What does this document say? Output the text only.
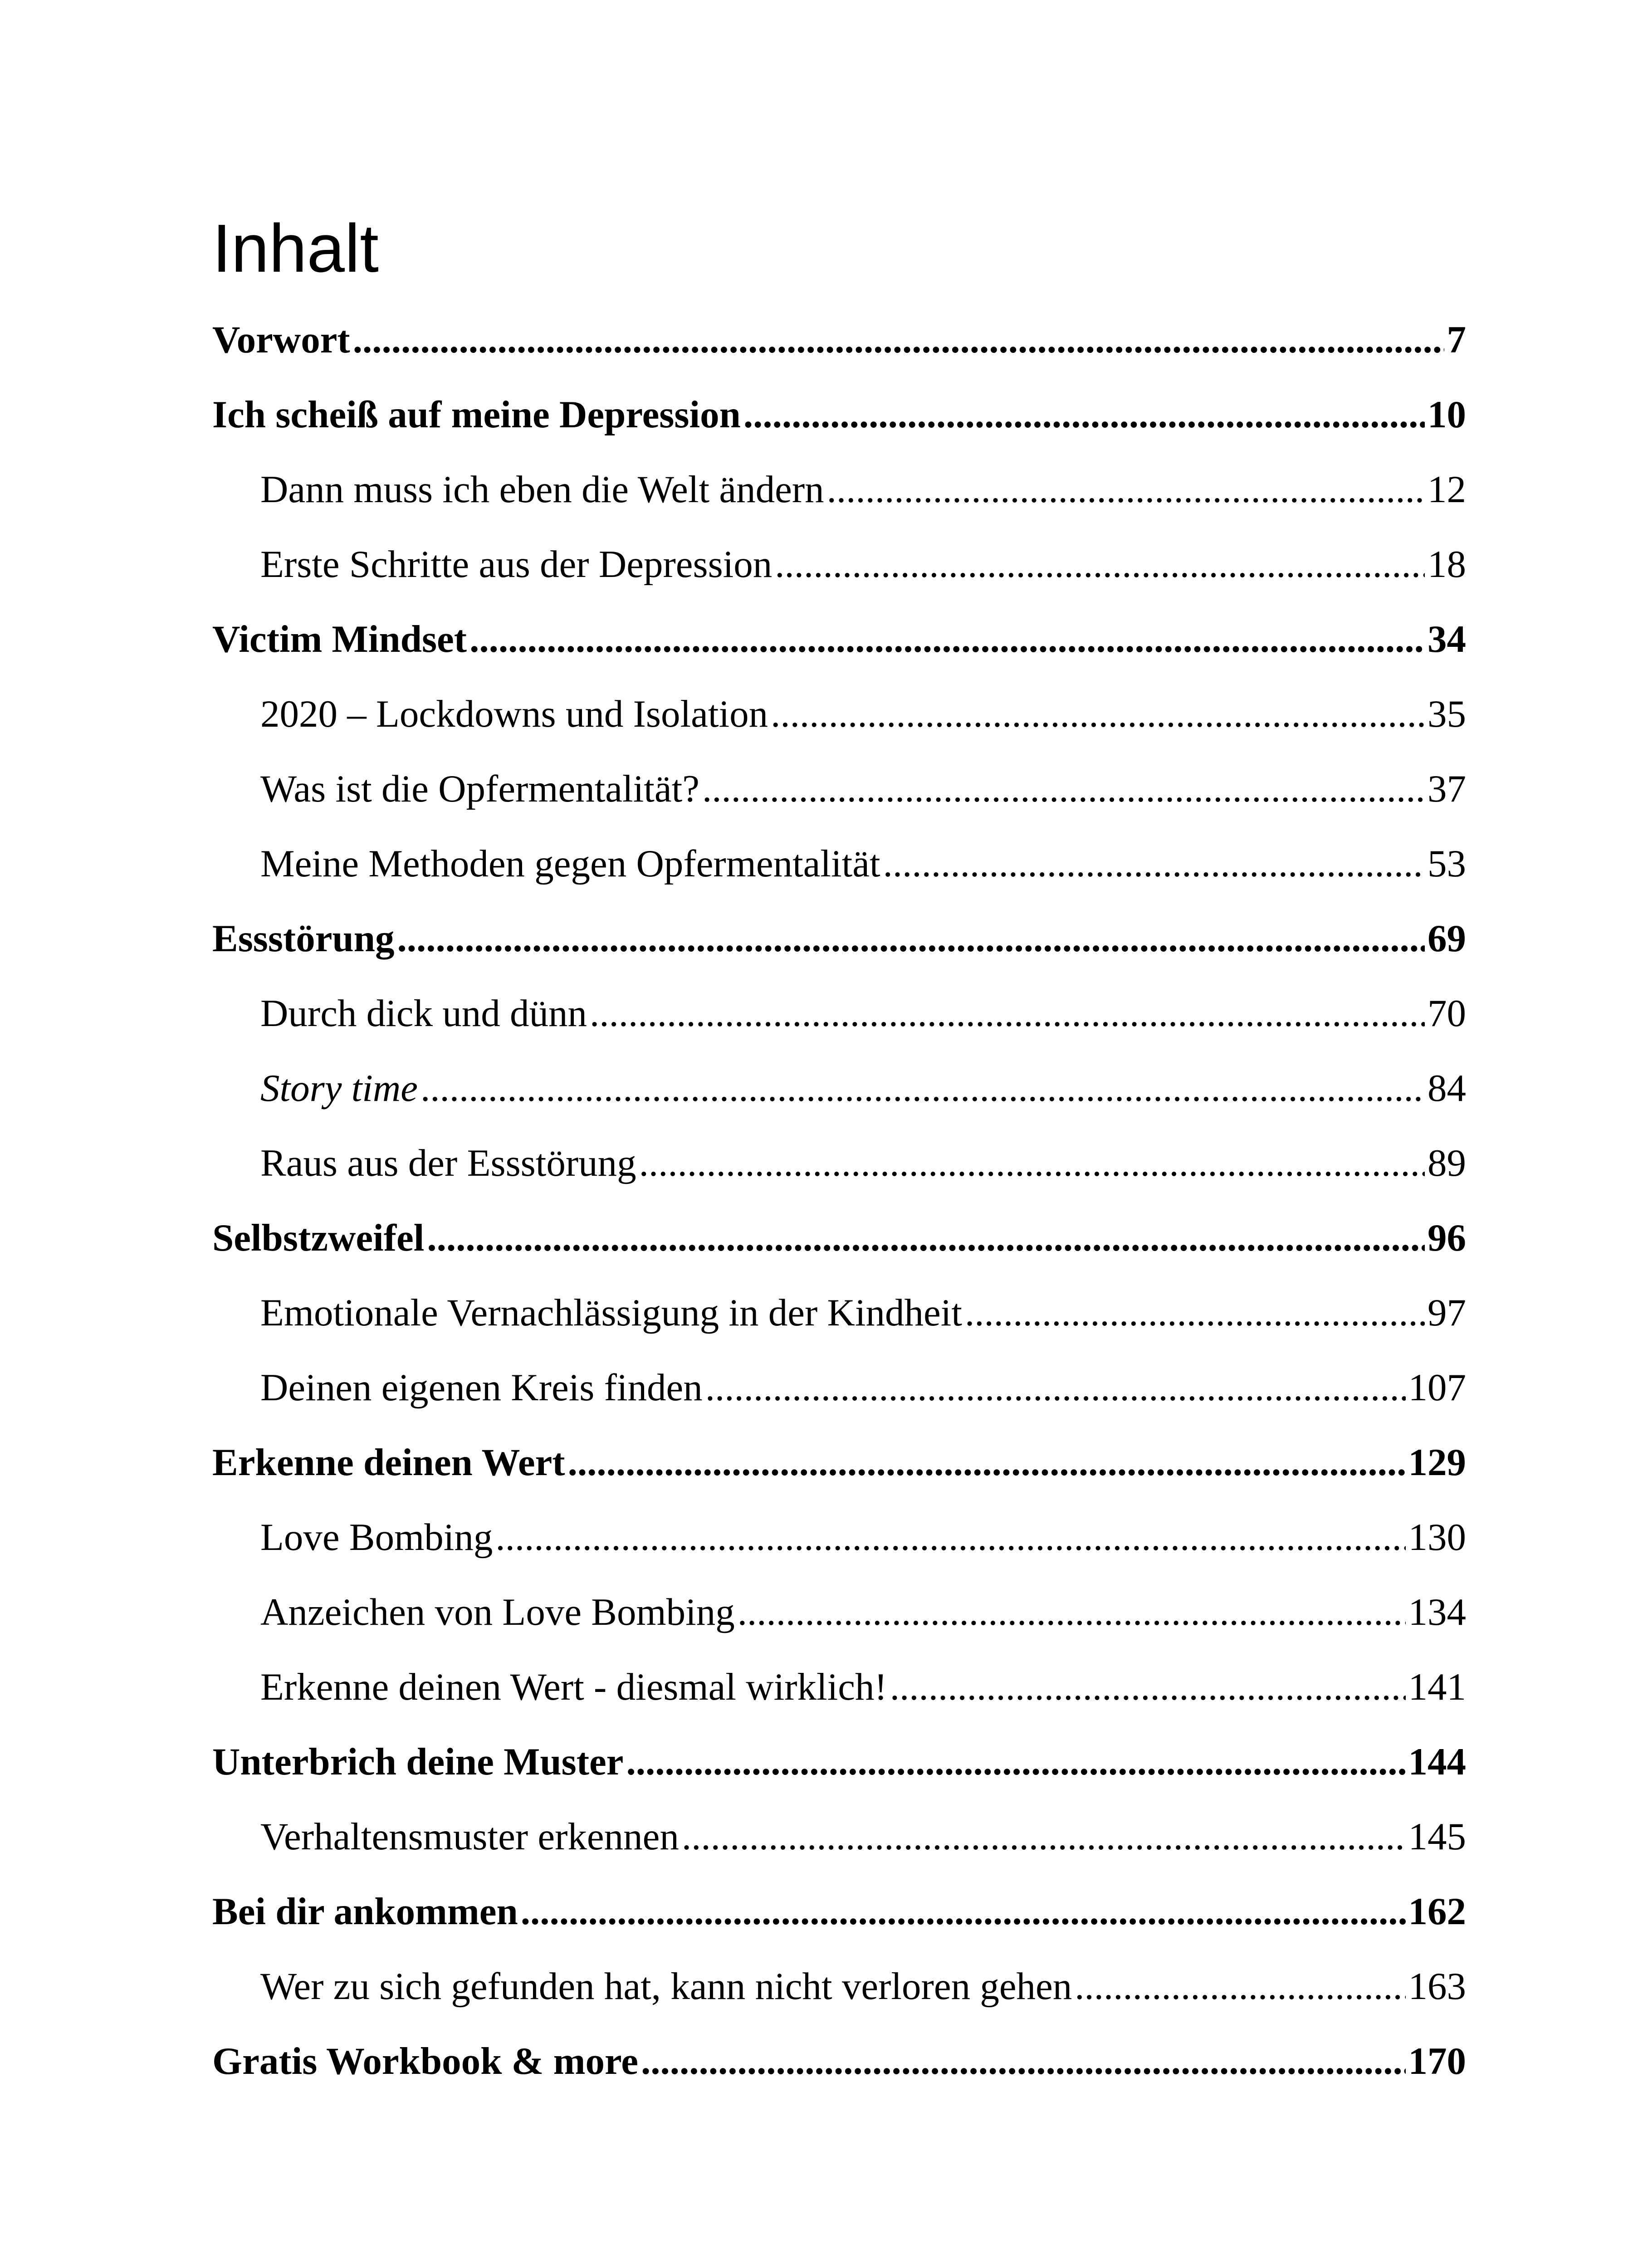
Inhalt
Vorwort .....	7
Ich scheiß auf meine Depression .....	10
Dann muss ich eben die Welt ändern .....	12
Erste Schritte aus der Depression .....	18
Victim Mindset .....	34
2020 – Lockdowns und Isolation .....	35
Was ist die Opfermentalität? .....	37
Meine Methoden gegen Opfermentalität .....	53
Essstörung .....	69
Durch dick und dünn .....	70
Story time .....	84
Raus aus der Essstörung .....	89
Selbstzweifel .....	96
Emotionale Vernachlässigung in der Kindheit .....	97
Deinen eigenen Kreis finden .....	107
Erkenne deinen Wert .....	129
Love Bombing .....	130
Anzeichen von Love Bombing .....	134
Erkenne deinen Wert - diesmal wirklich! .....	141
Unterbrich deine Muster .....	144
Verhaltensmuster erkennen .....	145
Bei dir ankommen .....	162
Wer zu sich gefunden hat, kann nicht verloren gehen .....	163
Gratis Workbook & more .....	170
